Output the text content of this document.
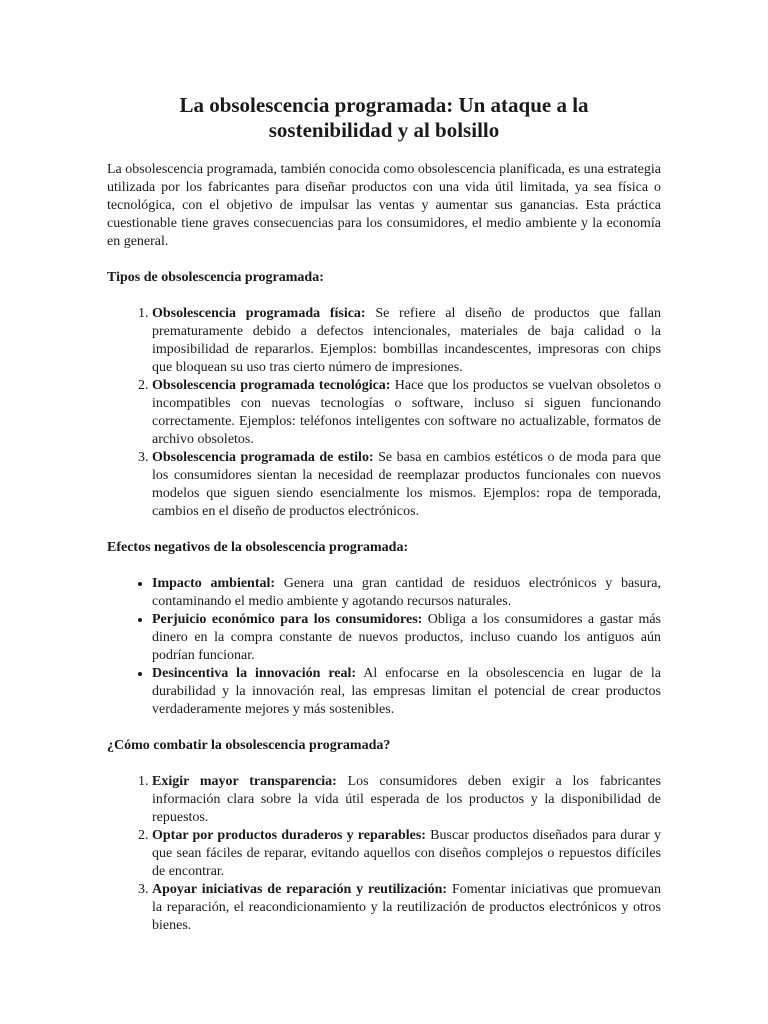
La obsolescencia programada: Un ataque a la sostenibilidad y al bolsillo

La obsolescencia programada, también conocida como obsolescencia planificada, es una estrategia utilizada por los fabricantes para diseñar productos con una vida útil limitada, ya sea física o tecnológica, con el objetivo de impulsar las ventas y aumentar sus ganancias. Esta práctica cuestionable tiene graves consecuencias para los consumidores, el medio ambiente y la economía en general.

Tipos de obsolescencia programada:

1. Obsolescencia programada física: Se refiere al diseño de productos que fallan prematuramente debido a defectos intencionales, materiales de baja calidad o la imposibilidad de repararlos. Ejemplos: bombillas incandescentes, impresoras con chips que bloquean su uso tras cierto número de impresiones.
2. Obsolescencia programada tecnológica: Hace que los productos se vuelvan obsoletos o incompatibles con nuevas tecnologías o software, incluso si siguen funcionando correctamente. Ejemplos: teléfonos inteligentes con software no actualizable, formatos de archivo obsoletos.
3. Obsolescencia programada de estilo: Se basa en cambios estéticos o de moda para que los consumidores sientan la necesidad de reemplazar productos funcionales con nuevos modelos que siguen siendo esencialmente los mismos. Ejemplos: ropa de temporada, cambios en el diseño de productos electrónicos.

Efectos negativos de la obsolescencia programada:

• Impacto ambiental: Genera una gran cantidad de residuos electrónicos y basura, contaminando el medio ambiente y agotando recursos naturales.
• Perjuicio económico para los consumidores: Obliga a los consumidores a gastar más dinero en la compra constante de nuevos productos, incluso cuando los antiguos aún podrían funcionar.
• Desincentiva la innovación real: Al enfocarse en la obsolescencia en lugar de la durabilidad y la innovación real, las empresas limitan el potencial de crear productos verdaderamente mejores y más sostenibles.

¿Cómo combatir la obsolescencia programada?

1. Exigir mayor transparencia: Los consumidores deben exigir a los fabricantes información clara sobre la vida útil esperada de los productos y la disponibilidad de repuestos.
2. Optar por productos duraderos y reparables: Buscar productos diseñados para durar y que sean fáciles de reparar, evitando aquellos con diseños complejos o repuestos difíciles de encontrar.
3. Apoyar iniciativas de reparación y reutilización: Fomentar iniciativas que promuevan la reparación, el reacondicionamiento y la reutilización de productos electrónicos y otros bienes.
